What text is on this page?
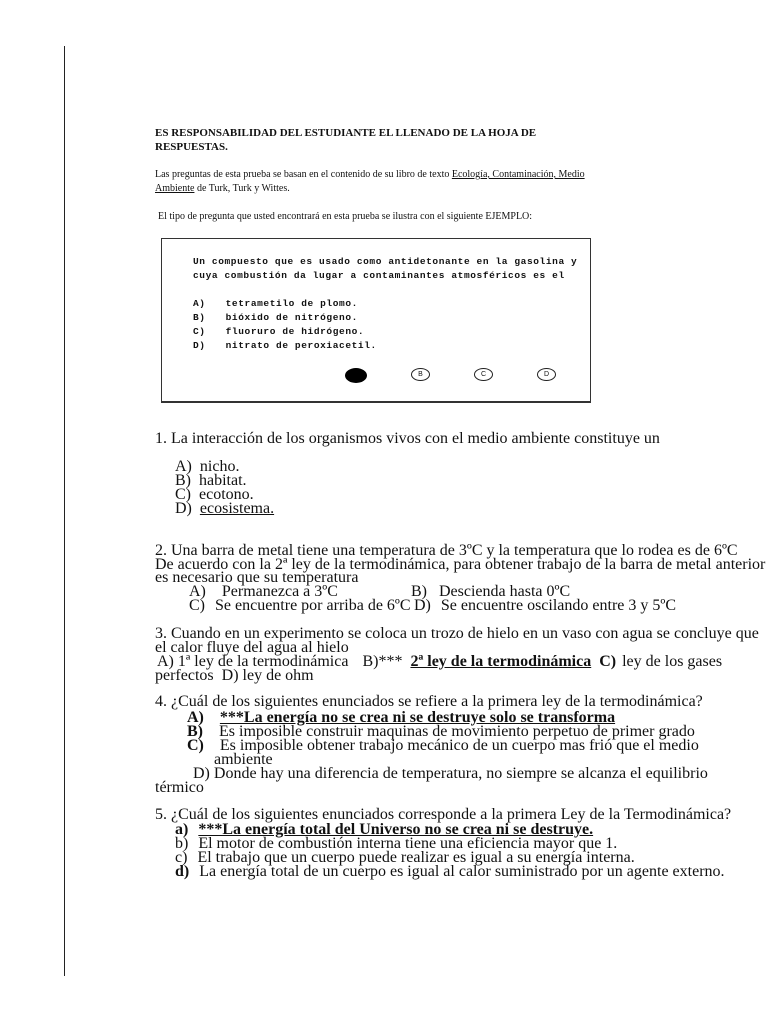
ES RESPONSABILIDAD DEL ESTUDIANTE EL LLENADO DE LA HOJA DE RESPUESTAS.
Las preguntas de esta prueba se basan en el contenido de su libro de texto Ecología, Contaminación, Medio Ambiente de Turk, Turk y Wittes.
El tipo de pregunta que usted encontrará en esta prueba se ilustra con el siguiente EJEMPLO:
Un compuesto que es usado como antidetonante en la gasolina y
cuya combustión da lugar a contaminantes atmosféricos es el
A) tetrametilo de plomo.
B) bióxido de nitrógeno.
C) fluoruro de hidrógeno.
D) nitrato de peroxiacetil.
B	C	D
1. La interacción de los organismos vivos con el medio ambiente constituye un
A) nicho.
B) habitat.
C) ecotono.
D) ecosistema.
2. Una barra de metal tiene una temperatura de 3ºC y la temperatura que lo rodea es de 6ºC
De acuerdo con la 2ª ley de la termodinámica, para obtener trabajo de la barra de metal anterior
es necesario que su temperatura
A) Permanezca a 3ºC	B) Descienda hasta 0ºC
C) Se encuentre por arriba de 6ºC D) Se encuentre oscilando entre 3 y 5ºC
3. Cuando en un experimento se coloca un trozo de hielo en un vaso con agua se concluye que
el calor fluye del agua al hielo
A) 1ª ley de la termodinámica B)*** 2ª ley de la termodinámica C) ley de los gases
perfectos D) ley de ohm
4. ¿Cuál de los siguientes enunciados se refiere a la primera ley de la termodinámica?
A) ***La energía no se crea ni se destruye solo se transforma
B) Es imposible construir maquinas de movimiento perpetuo de primer grado
C) Es imposible obtener trabajo mecánico de un cuerpo mas frió que el medio
ambiente
D) Donde hay una diferencia de temperatura, no siempre se alcanza el equilibrio
térmico
5. ¿Cuál de los siguientes enunciados corresponde a la primera Ley de la Termodinámica?
a) ***La energía total del Universo no se crea ni se destruye.
b) El motor de combustión interna tiene una eficiencia mayor que 1.
c) El trabajo que un cuerpo puede realizar es igual a su energía interna.
d) La energía total de un cuerpo es igual al calor suministrado por un agente externo.
